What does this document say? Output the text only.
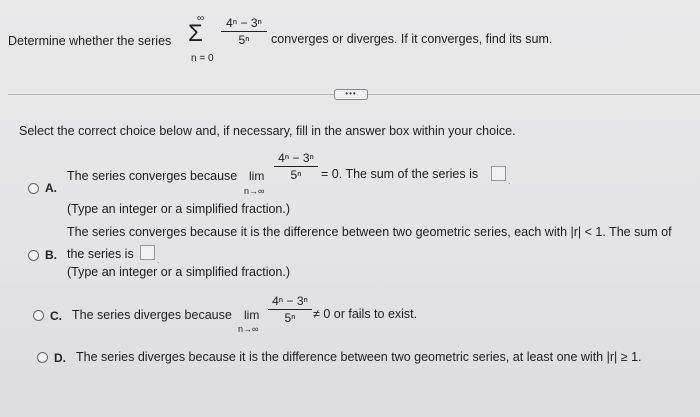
Determine whether the series
∞
Σ
n = 0
4ⁿ − 3ⁿ
5ⁿ	converges or diverges. If it converges, find its sum.
•••
Select the correct choice below and, if necessary, fill in the answer box within your choice.
A.
The series converges because lim
n→∞
4ⁿ − 3ⁿ
5ⁿ	= 0. The sum of the series is	.
(Type an integer or a simplified fraction.)
The series converges because it is the difference between two geometric series, each with |r| < 1. The sum of
B. the series is	.
(Type an integer or a simplified fraction.)
C. The series diverges because lim
n→∞
4ⁿ − 3ⁿ
5ⁿ	≠ 0 or fails to exist.
D. The series diverges because it is the difference between two geometric series, at least one with |r| ≥ 1.
